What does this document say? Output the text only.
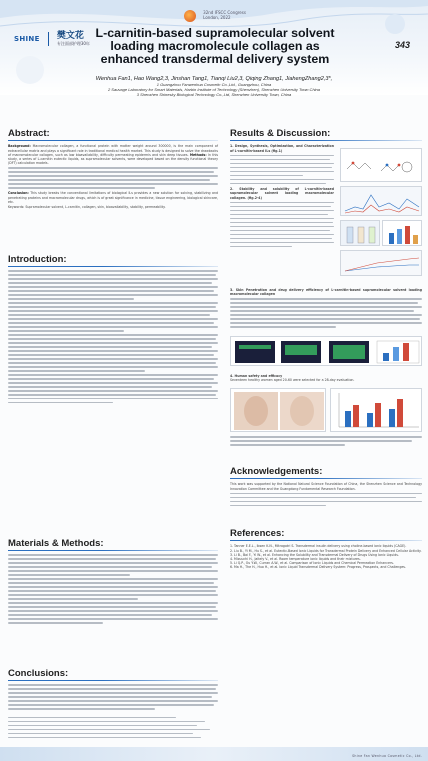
32nd IFSCC Congress
London, 2022
SHINE 樊文花
专注面部护理30年
L-carnitin-based supramolecular solvent loading macromolecule collagen as enhanced transdermal delivery system
343
Wenhua Fan1, Hao Wang2,3, Jinshan Tang1, Tianqi Liu2,3, Qiqing Zhang1, JiahengZhang2,3*,
1 Guangzhou Fanwenhua Cosmetic Co.,Ltd., Guangzhou, China
2 Sauvage Laboratory for Smart Materials, Harbin Institute of Technology (Shenzhen), Shenzhen University Town China
3 Shenzhen Shinesky Biological Technology Co.,Ltd, Shenzhen University Town, China
Abstract:
Background: Macromolecular collagen, a functional protein with matter weight around 300000, is the main component of extracellular matrix and plays a significant role in traditional medical health market. This study is designed to solve the drawbacks of macromolecular collagen, such as low bioavailability, difficulty permeating epidermis and skin deep tissues. Methods: In this study, a series of L-carnitin eutectic liquids, as supramolecular solvents, were developed based on the density functional theory (DFT) calculation models.
Conclusion: This study breaks the conventional limitations of biological ILs provides a new solution for solving, stabilizing and penetrating proteins and macromolecular drugs, which is of great significance in medicine, tissue engineering, biological skincare, etc.
Keywords: Supramolecular solvent, L-carnitin, collagen, skin, bioavailability, stability, permeability.
Introduction:
Materials & Methods:
Conclusions:
Results & Discussion:
1. Design, Synthesis, Optimization, and Characterization of L-carnitin-based ILs (fig.1)
2. Stability and solubility of L-carnitin-based supramolecular solvent loading macromolecular collagen. (fig.2-4)
3. Skin Penetration and drug delivery efficiency of L-carnitin-based supramolecular solvent loading macromolecular collagen
4. Human safety and efficacy
Seventeen healthy women aged 20-60 were selected for a 28-day evaluation.
Acknowledgements:
This work was supported by the National Natural Science Foundation of China, the Shenzhen Science and Technology Innovation Committee and the Guangdong Fundamental Research Foundation.
References:
1. Tanner E.E.L., Ibsen K.N., Mitragotri S. Transdermal insulin delivery using choline-based ionic liquids (CAGE).
2. Liu B., Yi M., Hu S., et al. Eutectic-Based Ionic Liquids for Transdermal Protein Delivery and Enhanced Cellular Activity.
3. Li B., Bai F., Yi W., et al. Enhancing the Solubility and Transdermal Delivery of Drugs Using Ionic Liquids.
4. Mizuuchi H., Jaitely V., et al. Room temperature ionic liquids and their mixtures.
5. Li Q.P., Ou Y.W., Curran A.W., et al. Comparison of Ionic Liquids and Chemical Permeation Enhancers.
6. Ma H., The H., Huo H., et al. Ionic Liquid Transdermal Delivery System: Progress, Prospects, and Challenges.
Shine Fan Wenhua Cosmetic Co., Ltd.
